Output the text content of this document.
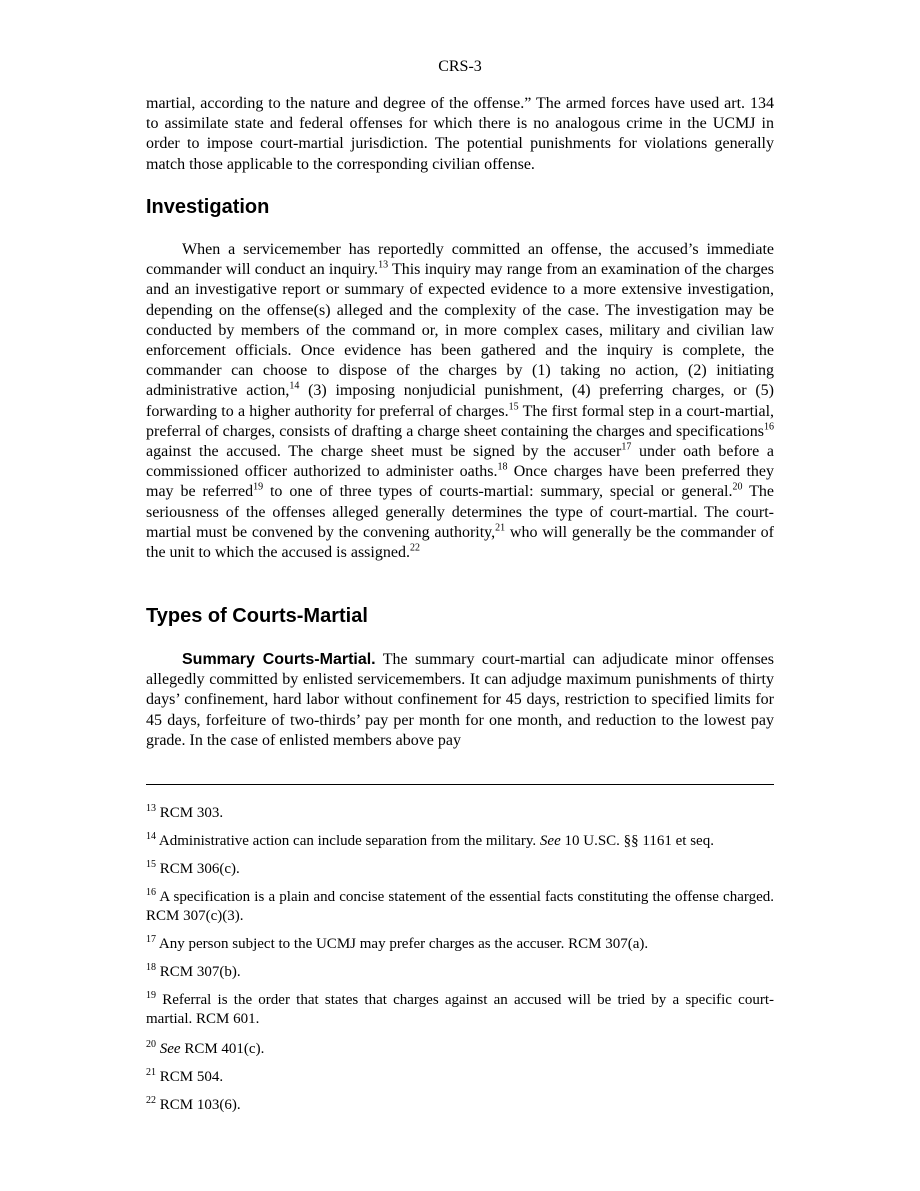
CRS-3

martial, according to the nature and degree of the offense.” The armed forces have used art. 134 to assimilate state and federal offenses for which there is no analogous crime in the UCMJ in order to impose court-martial jurisdiction. The potential punishments for violations generally match those applicable to the corresponding civilian offense.

Investigation

When a servicemember has reportedly committed an offense, the accused’s immediate commander will conduct an inquiry.$^{13}$ This inquiry may range from an examination of the charges and an investigative report or summary of expected evidence to a more extensive investigation, depending on the offense(s) alleged and the complexity of the case. The investigation may be conducted by members of the command or, in more complex cases, military and civilian law enforcement officials. Once evidence has been gathered and the inquiry is complete, the commander can choose to dispose of the charges by (1) taking no action, (2) initiating administrative action,$^{14}$ (3) imposing nonjudicial punishment, (4) preferring charges, or (5) forwarding to a higher authority for preferral of charges.$^{15}$ The first formal step in a court-martial, preferral of charges, consists of drafting a charge sheet containing the charges and specifications$^{16}$ against the accused. The charge sheet must be signed by the accuser$^{17}$ under oath before a commissioned officer authorized to administer oaths.$^{18}$ Once charges have been preferred they may be referred$^{19}$ to one of three types of courts-martial: summary, special or general.$^{20}$ The seriousness of the offenses alleged generally determines the type of court-martial. The court-martial must be convened by the convening authority,$^{21}$ who will generally be the commander of the unit to which the accused is assigned.$^{22}$

Types of Courts-Martial

Summary Courts-Martial. The summary court-martial can adjudicate minor offenses allegedly committed by enlisted servicemembers. It can adjudge maximum punishments of thirty days’ confinement, hard labor without confinement for 45 days, restriction to specified limits for 45 days, forfeiture of two-thirds’ pay per month for one month, and reduction to the lowest pay grade. In the case of enlisted members above pay

$^{13}$ RCM 303.

$^{14}$ Administrative action can include separation from the military. See 10 U.SC. §§ 1161 et seq.

$^{15}$ RCM 306(c).

$^{16}$ A specification is a plain and concise statement of the essential facts constituting the offense charged. RCM 307(c)(3).

$^{17}$ Any person subject to the UCMJ may prefer charges as the accuser. RCM 307(a).

$^{18}$ RCM 307(b).

$^{19}$ Referral is the order that states that charges against an accused will be tried by a specific court-martial. RCM 601.

$^{20}$ See RCM 401(c).

$^{21}$ RCM 504.

$^{22}$ RCM 103(6).
